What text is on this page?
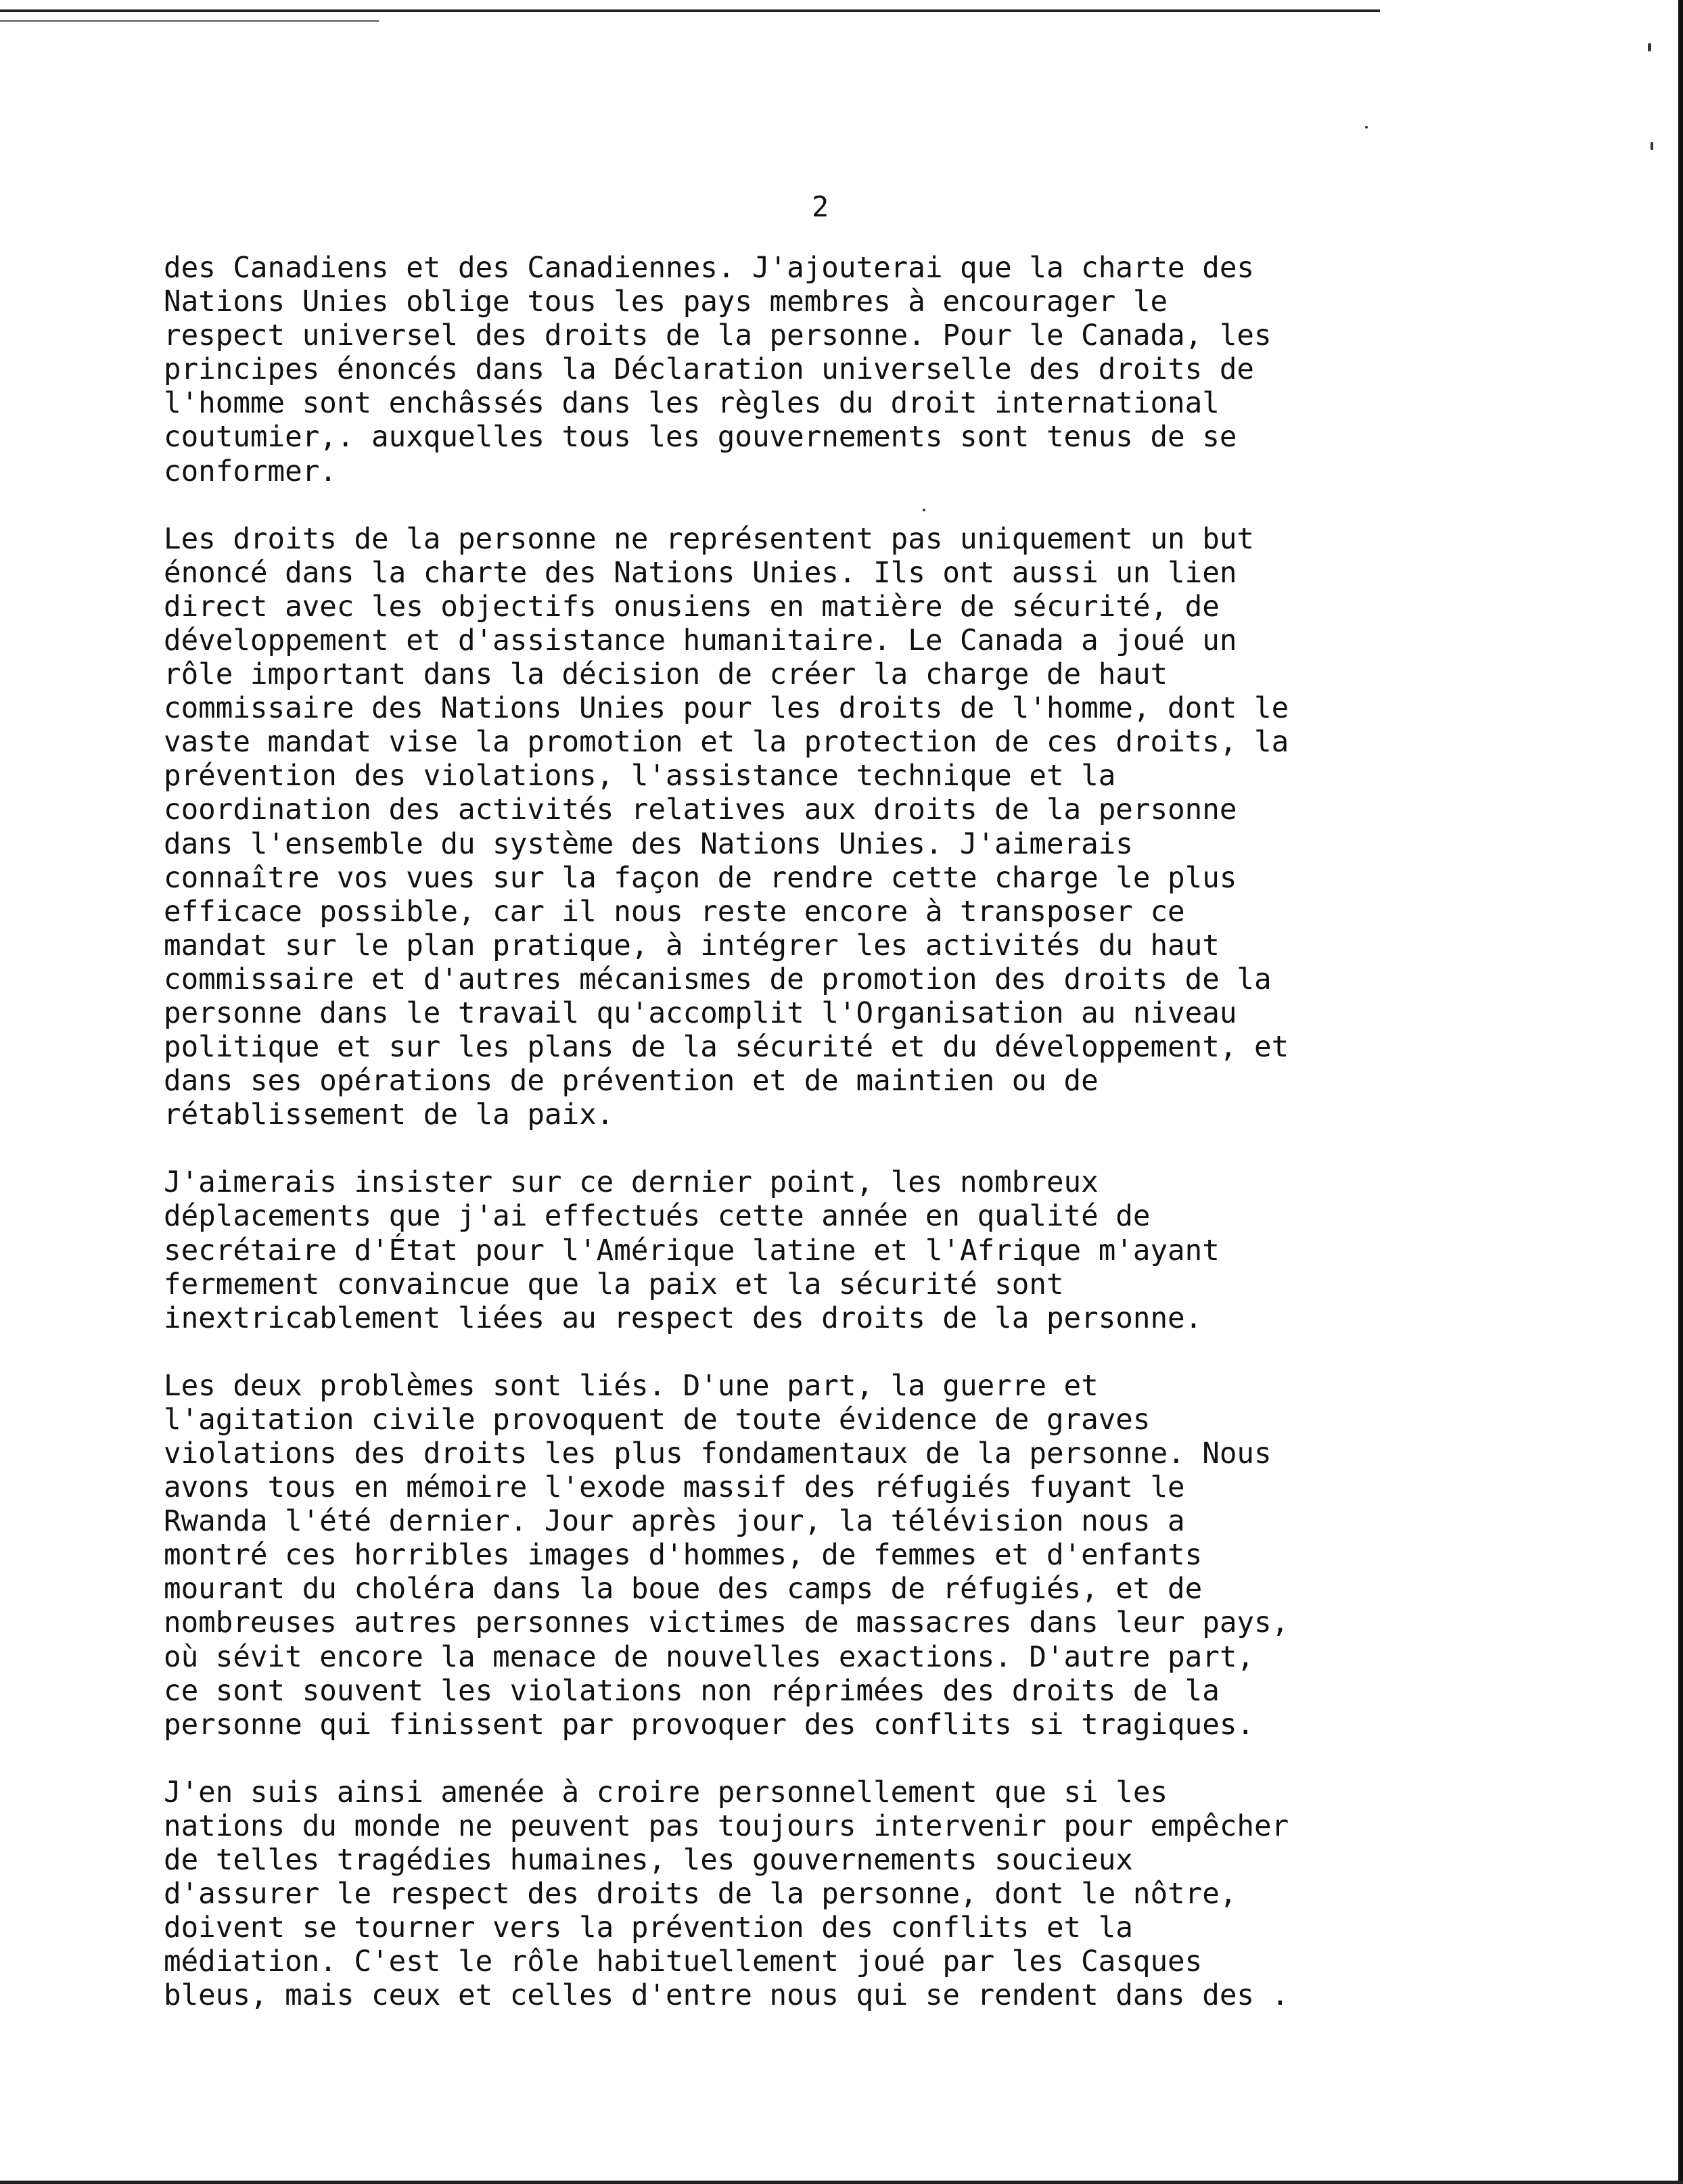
2
des Canadiens et des Canadiennes. J'ajouterai que la charte des
Nations Unies oblige tous les pays membres à encourager le
respect universel des droits de la personne. Pour le Canada, les
principes énoncés dans la Déclaration universelle des droits de
l'homme sont enchâssés dans les règles du droit international
coutumier,. auxquelles tous les gouvernements sont tenus de se
conformer.
Les droits de la personne ne représentent pas uniquement un but
énoncé dans la charte des Nations Unies. Ils ont aussi un lien
direct avec les objectifs onusiens en matière de sécurité, de
développement et d'assistance humanitaire. Le Canada a joué un
rôle important dans la décision de créer la charge de haut
commissaire des Nations Unies pour les droits de l'homme, dont le
vaste mandat vise la promotion et la protection de ces droits, la
prévention des violations, l'assistance technique et la
coordination des activités relatives aux droits de la personne
dans l'ensemble du système des Nations Unies. J'aimerais
connaître vos vues sur la façon de rendre cette charge le plus
efficace possible, car il nous reste encore à transposer ce
mandat sur le plan pratique, à intégrer les activités du haut
commissaire et d'autres mécanismes de promotion des droits de la
personne dans le travail qu'accomplit l'Organisation au niveau
politique et sur les plans de la sécurité et du développement, et
dans ses opérations de prévention et de maintien ou de
rétablissement de la paix.
J'aimerais insister sur ce dernier point, les nombreux
déplacements que j'ai effectués cette année en qualité de
secrétaire d'État pour l'Amérique latine et l'Afrique m'ayant
fermement convaincue que la paix et la sécurité sont
inextricablement liées au respect des droits de la personne.
Les deux problèmes sont liés. D'une part, la guerre et
l'agitation civile provoquent de toute évidence de graves
violations des droits les plus fondamentaux de la personne. Nous
avons tous en mémoire l'exode massif des réfugiés fuyant le
Rwanda l'été dernier. Jour après jour, la télévision nous a
montré ces horribles images d'hommes, de femmes et d'enfants
mourant du choléra dans la boue des camps de réfugiés, et de
nombreuses autres personnes victimes de massacres dans leur pays,
où sévit encore la menace de nouvelles exactions. D'autre part,
ce sont souvent les violations non réprimées des droits de la
personne qui finissent par provoquer des conflits si tragiques.
J'en suis ainsi amenée à croire personnellement que si les
nations du monde ne peuvent pas toujours intervenir pour empêcher
de telles tragédies humaines, les gouvernements soucieux
d'assurer le respect des droits de la personne, dont le nôtre,
doivent se tourner vers la prévention des conflits et la
médiation. C'est le rôle habituellement joué par les Casques
bleus, mais ceux et celles d'entre nous qui se rendent dans des .
